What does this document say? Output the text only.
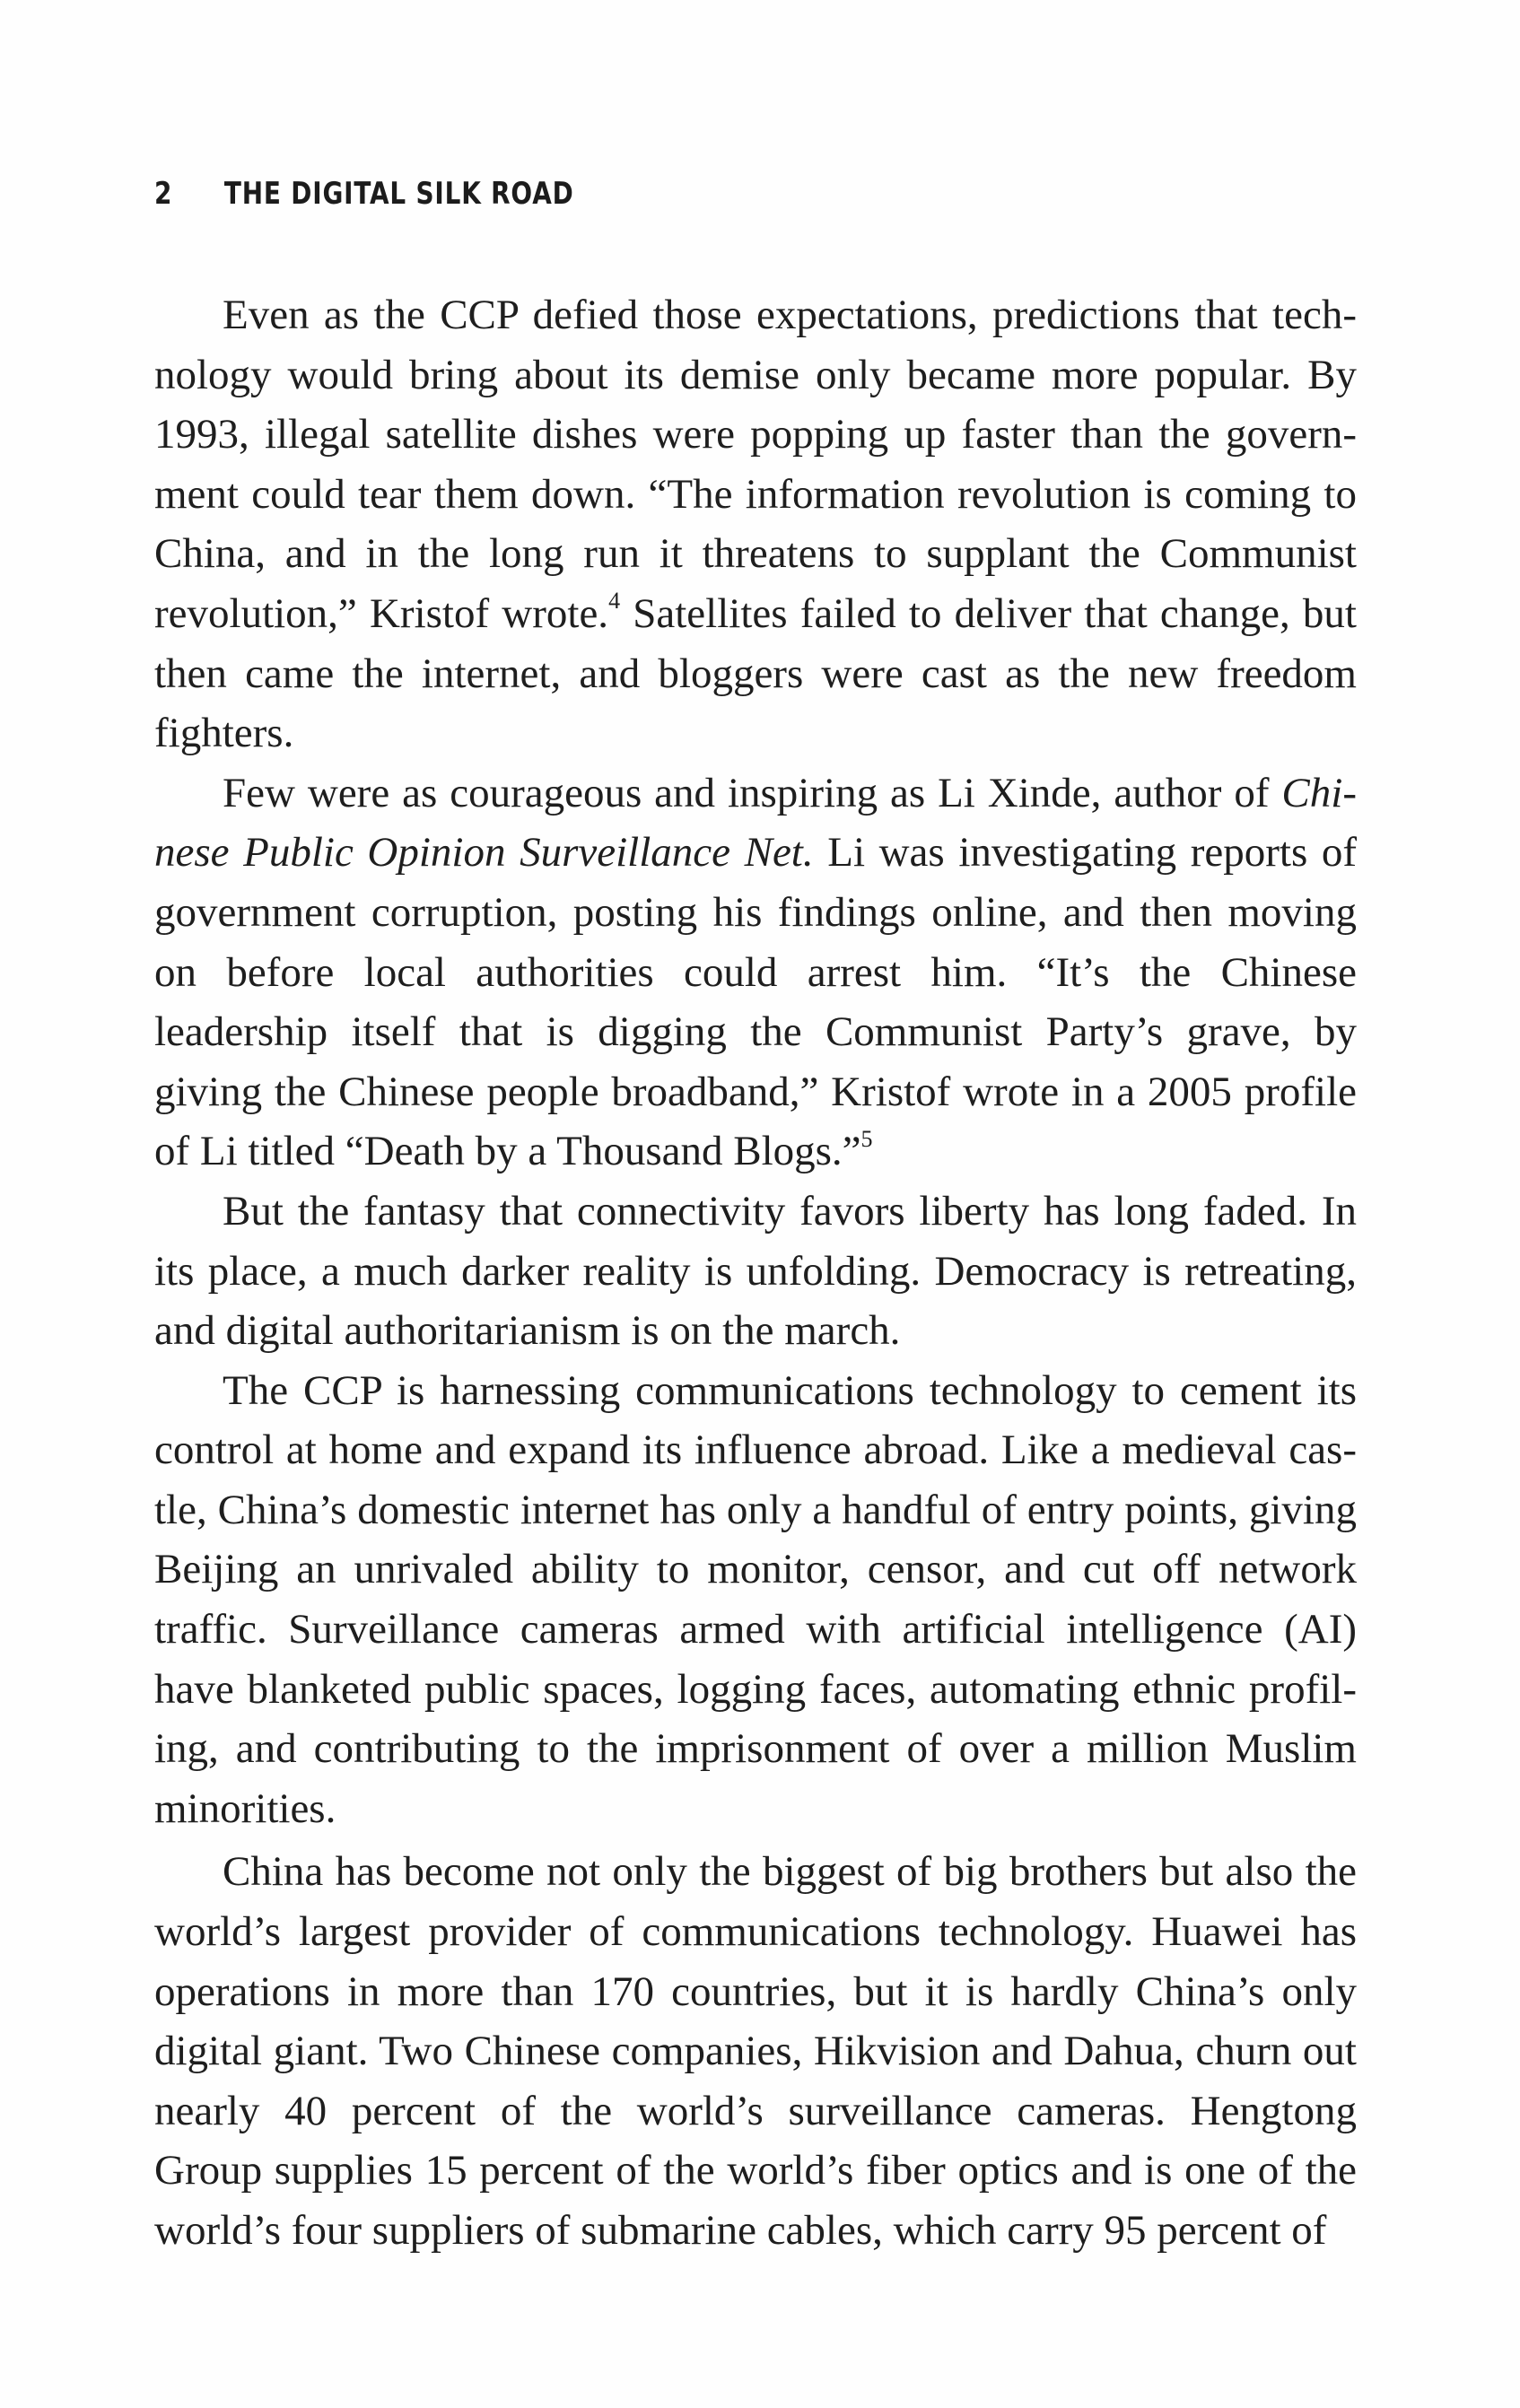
2	THE DIGITAL SILK ROAD

Even as the CCP defied those expectations, predictions that technology would bring about its demise only became more popular. By 1993, illegal satellite dishes were popping up faster than the government could tear them down. “The information revolution is coming to China, and in the long run it threatens to supplant the Communist revolution,” Kristof wrote.$^4$ Satellites failed to deliver that change, but then came the internet, and bloggers were cast as the new freedom fighters.

Few were as courageous and inspiring as Li Xinde, author of Chinese Public Opinion Surveillance Net. Li was investigating reports of government corruption, posting his findings online, and then moving on before local authorities could arrest him. “It’s the Chinese leadership itself that is digging the Communist Party’s grave, by giving the Chinese people broadband,” Kristof wrote in a 2005 profile of Li titled “Death by a Thousand Blogs.”$^5$

But the fantasy that connectivity favors liberty has long faded. In its place, a much darker reality is unfolding. Democracy is retreating, and digital authoritarianism is on the march.

The CCP is harnessing communications technology to cement its control at home and expand its influence abroad. Like a medieval castle, China’s domestic internet has only a handful of entry points, giving Beijing an unrivaled ability to monitor, censor, and cut off network traffic. Surveillance cameras armed with artificial intelligence (AI) have blanketed public spaces, logging faces, automating ethnic profiling, and contributing to the imprisonment of over a million Muslim minorities.

China has become not only the biggest of big brothers but also the world’s largest provider of communications technology. Huawei has operations in more than 170 countries, but it is hardly China’s only digital giant. Two Chinese companies, Hikvision and Dahua, churn out nearly 40 percent of the world’s surveillance cameras. Hengtong Group supplies 15 percent of the world’s fiber optics and is one of the world’s four suppliers of submarine cables, which carry 95 percent of
